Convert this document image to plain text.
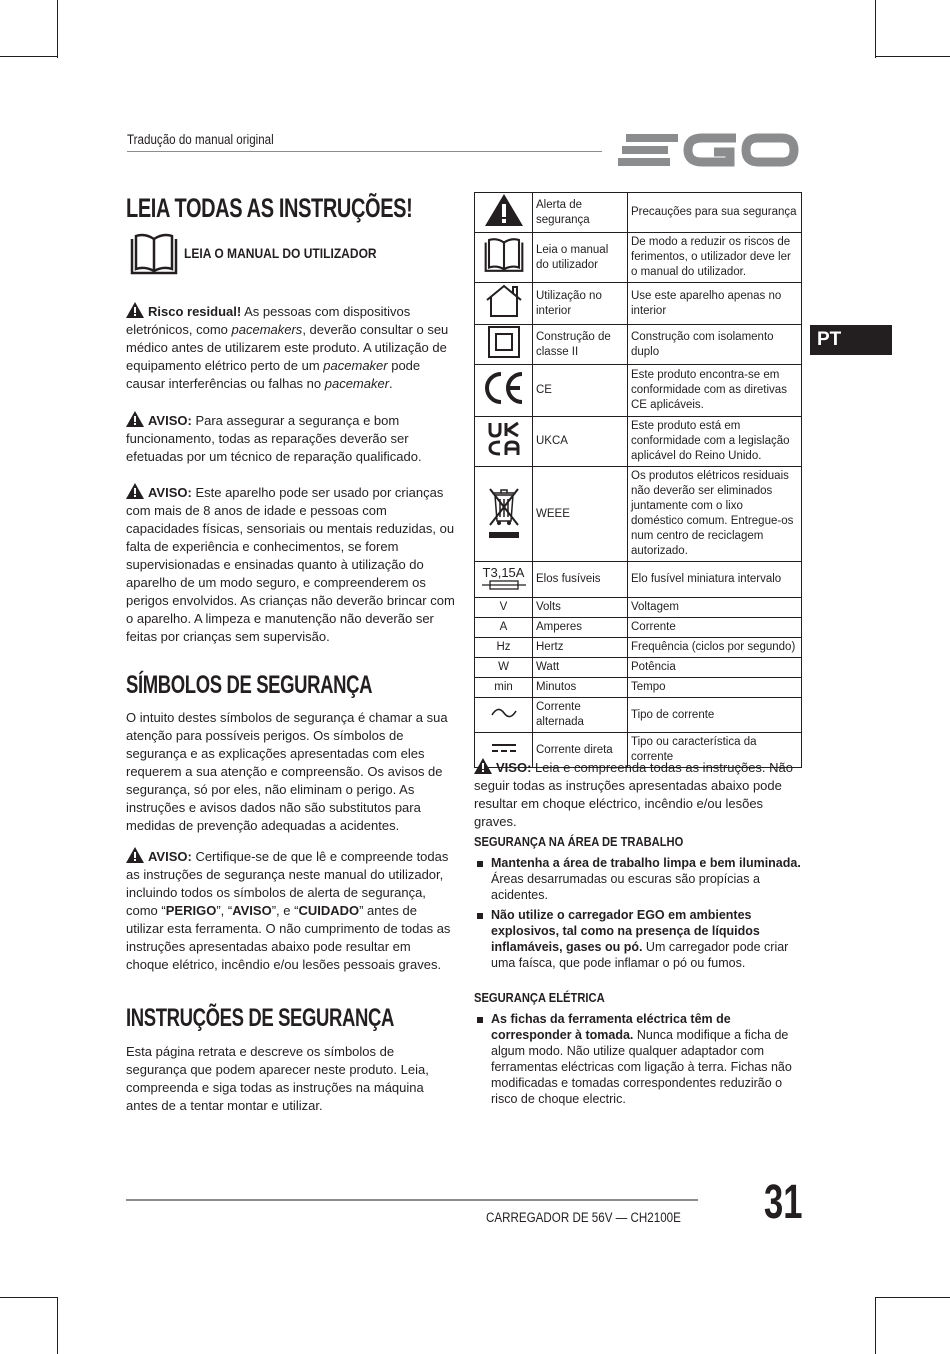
Tradução do manual original
PT
LEIA TODAS AS INSTRUÇÕES!
LEIA O MANUAL DO UTILIZADOR

Risco residual! As pessoas com dispositivos eletrónicos, como pacemakers, deverão consultar o seu médico antes de utilizarem este produto. A utilização de equipamento elétrico perto de um pacemaker pode causar interferências ou falhas no pacemaker.

AVISO: Para assegurar a segurança e bom funcionamento, todas as reparações deverão ser efetuadas por um técnico de reparação qualificado.

AVISO: Este aparelho pode ser usado por crianças com mais de 8 anos de idade e pessoas com capacidades físicas, sensoriais ou mentais reduzidas, ou falta de experiência e conhecimentos, se forem supervisionadas e ensinadas quanto à utilização do aparelho de um modo seguro, e compreenderem os perigos envolvidos. As crianças não deverão brincar com o aparelho. A limpeza e manutenção não deverão ser feitas por crianças sem supervisão.

SÍMBOLOS DE SEGURANÇA

O intuito destes símbolos de segurança é chamar a sua atenção para possíveis perigos. Os símbolos de segurança e as explicações apresentadas com eles requerem a sua atenção e compreensão. Os avisos de segurança, só por eles, não eliminam o perigo. As instruções e avisos dados não são substitutos para medidas de prevenção adequadas a acidentes.

AVISO: Certifique-se de que lê e compreende todas as instruções de segurança neste manual do utilizador, incluindo todos os símbolos de alerta de segurança, como “PERIGO”, “AVISO”, e “CUIDADO” antes de utilizar esta ferramenta. O não cumprimento de todas as instruções apresentadas abaixo pode resultar em choque elétrico, incêndio e/ou lesões pessoais graves.

INSTRUÇÕES DE SEGURANÇA

Esta página retrata e descreve os símbolos de segurança que podem aparecer neste produto. Leia, compreenda e siga todas as instruções na máquina antes de a tentar montar e utilizar.

	Alerta de segurança	Precauções para sua segurança
	Leia o manual do utilizador	De modo a reduzir os riscos de ferimentos, o utilizador deve ler o manual do utilizador.
	Utilização no interior	Use este aparelho apenas no interior
	Construção de classe II	Construção com isolamento duplo
	CE	Este produto encontra-se em conformidade com as diretivas CE aplicáveis.
	UKCA	Este produto está em conformidade com a legislação aplicável do Reino Unido.
	WEEE	Os produtos elétricos residuais não deverão ser eliminados juntamente com o lixo doméstico comum. Entregue-os num centro de reciclagem autorizado.

T3,15A	Elos fusíveis	Elo fusível miniatura intervalo
V	Volts	Voltagem
A	Amperes	Corrente
Hz	Hertz	Frequência (ciclos por segundo)
W	Watt	Potência
min	Minutos	Tempo
	Corrente alternada	Tipo de corrente
	Corrente direta	Tipo ou característica da corrente

VISO: Leia e compreenda todas as instruções. Não seguir todas as instruções apresentadas abaixo pode resultar em choque eléctrico, incêndio e/ou lesões graves.

SEGURANÇA NA ÁREA DE TRABALHO
Mantenha a área de trabalho limpa e bem iluminada. Áreas desarrumadas ou escuras são propícias a acidentes.
Não utilize o carregador EGO em ambientes explosivos, tal como na presença de líquidos inflamáveis, gases ou pó. Um carregador pode criar uma faísca, que pode inflamar o pó ou fumos.
SEGURANÇA ELÉTRICA
As fichas da ferramenta eléctrica têm de corresponder à tomada. Nunca modifique a ficha de algum modo. Não utilize qualquer adaptador com ferramentas eléctricas com ligação à terra. Fichas não modificadas e tomadas correspondentes reduzirão o risco de choque electric.
CARREGADOR DE 56V — CH2100E	31
